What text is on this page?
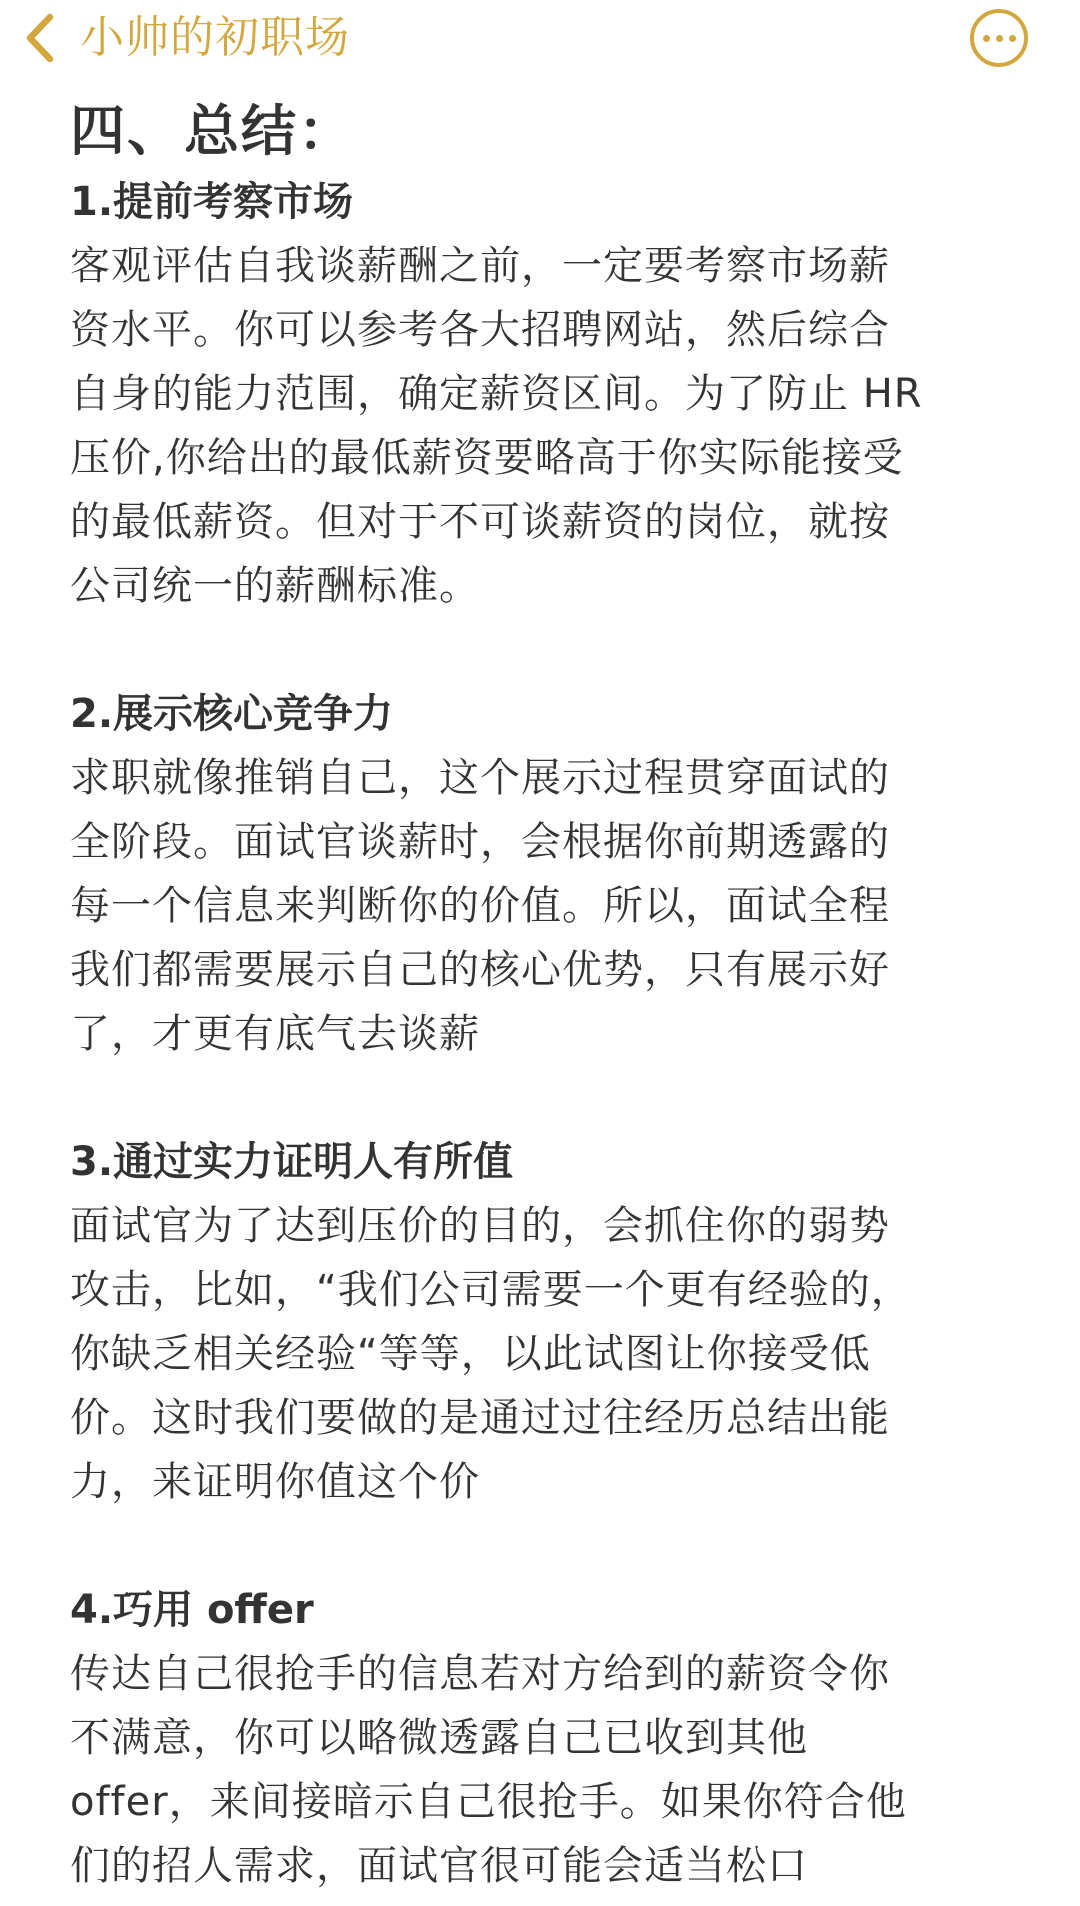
小帅的初职场
四、总结：
1.提前考察市场
客观评估自我谈薪酬之前，一定要考察市场薪
资水平。你可以参考各大招聘网站，然后综合
自身的能力范围，确定薪资区间。为了防止 HR
压价,你给出的最低薪资要略高于你实际能接受
的最低薪资。但对于不可谈薪资的岗位，就按
公司统一的薪酬标准。
2.展示核心竞争力
求职就像推销自己，这个展示过程贯穿面试的
全阶段。面试官谈薪时，会根据你前期透露的
每一个信息来判断你的价值。所以，面试全程
我们都需要展示自己的核心优势，只有展示好
了，才更有底气去谈薪
3.通过实力证明人有所值
面试官为了达到压价的目的，会抓住你的弱势
攻击，比如，“我们公司需要一个更有经验的，
你缺乏相关经验“等等，以此试图让你接受低
价。这时我们要做的是通过过往经历总结出能
力，来证明你值这个价
4.巧用 offer
传达自己很抢手的信息若对方给到的薪资令你
不满意，你可以略微透露自己已收到其他
offer，来间接暗示自己很抢手。如果你符合他
们的招人需求，面试官很可能会适当松口
